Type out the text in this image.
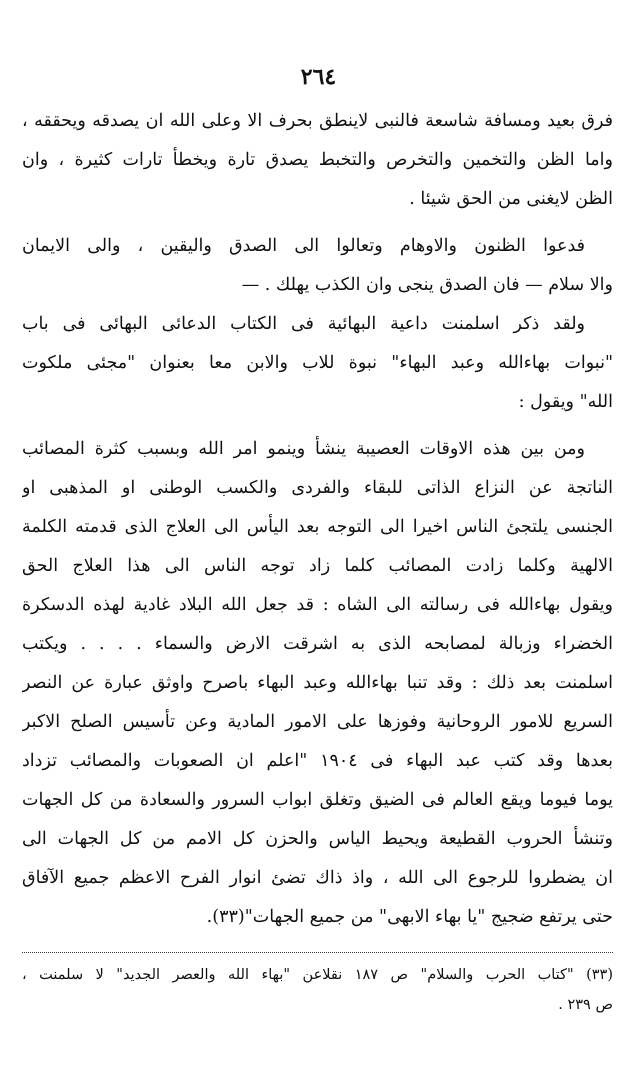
٢٦٤
فرق بعيد ومسافة شاسعة فالنبى لاينطق بحرف الا وعلى الله ان يصدقه ويحققه ،
واما الظن والتخمين والتخرص والتخبط يصدق تارة ويخطأ تارات كثيرة ، وان
الظن لايغنى من الحق شيئا .
فدعوا الظنون والاوهام وتعالوا الى الصدق واليقين ، والى الايمان
والا سلام — فان الصدق ينجى وان الكذب يهلك . —
ولقد ذكر اسلمنت داعية البهائية فى الكتاب الدعائى البهائى فى باب
"نبوات بهاءالله وعبد البهاء" نبوة للاب والابن معا بعنوان "مجئى ملكوت
الله" ويقول :
ومن بين هذه الاوقات العصيبة ينشأ وينمو امر الله وبسبب كثرة المصائب
الناتجة عن النزاع الذاتى للبقاء والفردى والكسب الوطنى او المذهبى او
الجنسى يلتجئ الناس اخيرا الى التوجه بعد اليأس الى العلاج الذى قدمته الكلمة
الالهية وكلما زادت المصائب كلما زاد توجه الناس الى هذا العلاج الحق
ويقول بهاءالله فى رسالته الى الشاه : قد جعل الله البلاد غادية لهذه الدسكرة
الخضراء وزبالة لمصابحه الذى به اشرقت الارض والسماء . . . . ويكتب
اسلمنت بعد ذلك : وقد تنبا بهاءالله وعبد البهاء باصرح واوثق عبارة عن النصر
السريع للامور الروحانية وفوزها على الامور المادية وعن تأسيس الصلح الاكبر
بعدها وقد كتب عبد البهاء فى ١٩٠٤ "اعلم ان الصعوبات والمصائب تزداد
يوما فيوما ويقع العالم فى الضيق وتغلق ابواب السرور والسعادة من كل الجهات
وتنشأ الحروب القطيعة ويحيط الياس والحزن كل الامم من كل الجهات الى
ان يضطروا للرجوع الى الله ، واذ ذاك تضئ انوار الفرح الاعظم جميع الآفاق
حتى يرتفع ضجيج "يا بهاء الابهى" من جميع الجهات"(٣٣).
(٣٣) "كتاب الحرب والسلام" ص ١٨٧ نقلاعن "بهاء الله والعصر الجديد" لا سلمنت ،
ص ٢٣٩ .
